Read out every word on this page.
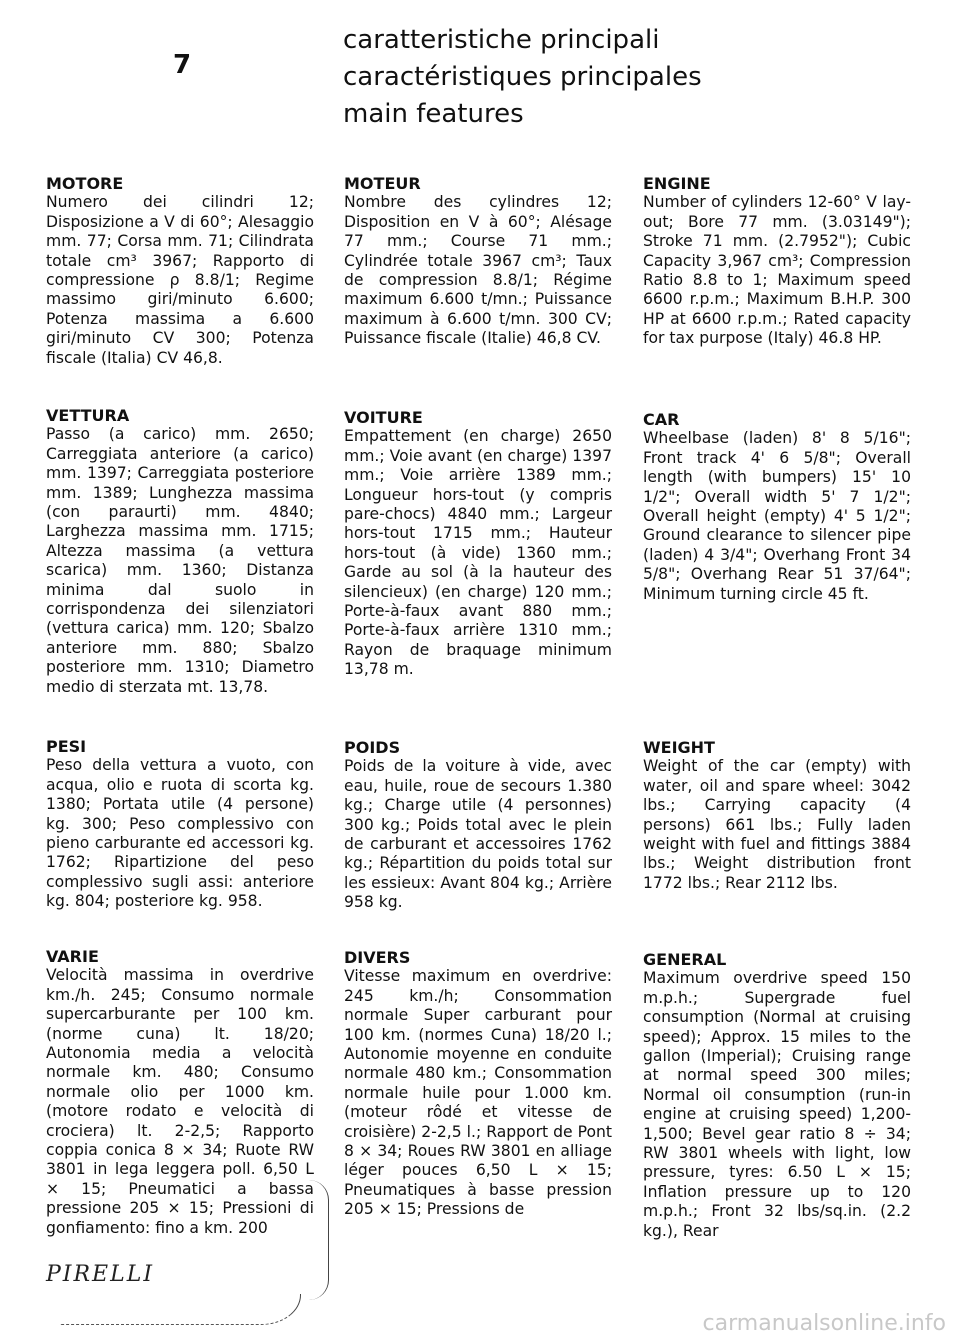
7
caratteristiche principali
caractéristiques principales
main features
MOTORE
Numero dei cilindri 12; Disposizione a V di 60°; Alesaggio mm. 77; Corsa mm. 71; Cilindrata totale cm³ 3967; Rapporto di compressione ρ 8.8/1; Regime massimo giri/minuto 6.600; Potenza massima a 6.600 giri/minuto CV 300; Potenza fiscale (Italia) CV 46,8.
VETTURA
Passo (a carico) mm. 2650; Carreggiata anteriore (a carico) mm. 1397; Carreggiata posteriore mm. 1389; Lunghezza massima (con paraurti) mm. 4840; Larghezza massima mm. 1715; Altezza massima (a vettura scarica) mm. 1360; Distanza minima dal suolo in corrispondenza dei silenziatori (vettura carica) mm. 120; Sbalzo anteriore mm. 880; Sbalzo posteriore mm. 1310; Diametro medio di sterzata mt. 13,78.
PESI
Peso della vettura a vuoto, con acqua, olio e ruota di scorta kg. 1380; Portata utile (4 persone) kg. 300; Peso complessivo con pieno carburante ed accessori kg. 1762; Ripartizione del peso complessivo sugli assi: anteriore kg. 804; posteriore kg. 958.
VARIE
Velocità massima in overdrive km./h. 245; Consumo normale supercarburante per 100 km. (norme cuna) lt. 18/20; Autonomia media a velocità normale km. 480; Consumo normale olio per 1000 km. (motore rodato e velocità di crociera) lt. 2-2,5; Rapporto coppia conica 8 × 34; Ruote RW 3801 in lega leggera poll. 6,50 L × 15; Pneumatici a bassa pressione 205 × 15; Pressioni di gonfiamento: fino a km. 200
MOTEUR
Nombre des cylindres 12; Disposition en V à 60°; Alésage 77 mm.; Course 71 mm.; Cylindrée totale 3967 cm³; Taux de compression 8.8/1; Régime maximum 6.600 t/mn.; Puissance maximum à 6.600 t/mn. 300 CV; Puissance fiscale (Italie) 46,8 CV.
VOITURE
Empattement (en charge) 2650 mm.; Voie avant (en charge) 1397 mm.; Voie arrière 1389 mm.; Longueur hors-tout (y compris pare-chocs) 4840 mm.; Largeur hors-tout 1715 mm.; Hauteur hors-tout (à vide) 1360 mm.; Garde au sol (à la hauteur des silencieux) (en charge) 120 mm.; Porte-à-faux avant 880 mm.; Porte-à-faux arrière 1310 mm.; Rayon de braquage minimum 13,78 m.
POIDS
Poids de la voiture à vide, avec eau, huile, roue de secours 1.380 kg.; Charge utile (4 personnes) 300 kg.; Poids total avec le plein de carburant et accessoires 1762 kg.; Répartition du poids total sur les essieux: Avant 804 kg.; Arrière 958 kg.
DIVERS
Vitesse maximum en overdrive: 245 km./h; Consommation normale Super carburant pour 100 km. (normes Cuna) 18/20 l.; Autonomie moyenne en conduite normale 480 km.; Consommation normale huile pour 1.000 km. (moteur rôdé et vitesse de croisière) 2-2,5 l.; Rapport de Pont 8 × 34; Roues RW 3801 en alliage léger pouces 6,50 L × 15; Pneumatiques à basse pression 205 × 15; Pressions de
ENGINE
Number of cylinders 12-60° V lay-out; Bore 77 mm. (3.03149"); Stroke 71 mm. (2.7952"); Cubic Capacity 3,967 cm³; Compression Ratio 8.8 to 1; Maximum speed 6600 r.p.m.; Maximum B.H.P. 300 HP at 6600 r.p.m.; Rated capacity for tax purpose (Italy) 46.8 HP.
CAR
Wheelbase (laden) 8' 8 5/16"; Front track 4' 6 5/8"; Overall length (with bumpers) 15' 10 1/2"; Overall width 5' 7 1/2"; Overall height (empty) 4' 5 1/2"; Ground clearance to silencer pipe (laden) 4 3/4"; Overhang Front 34 5/8"; Overhang Rear 51 37/64"; Minimum turning circle 45 ft.
WEIGHT
Weight of the car (empty) with water, oil and spare wheel: 3042 lbs.; Carrying capacity (4 persons) 661 lbs.; Fully laden weight with fuel and fittings 3884 lbs.; Weight distribution front 1772 lbs.; Rear 2112 lbs.
GENERAL
Maximum overdrive speed 150 m.p.h.; Supergrade fuel consumption (Normal at cruising speed); Approx. 15 miles to the gallon (Imperial); Cruising range at normal speed 300 miles; Normal oil consumption (run-in engine at cruising speed) 1,200-1,500; Bevel gear ratio 8 ÷ 34; RW 3801 wheels with light, low pressure, tyres: 6.50 L × 15; Inflation pressure up to 120 m.p.h.; Front 32 lbs/sq.in. (2.2 kg.), Rear
PIRELLI
carmanualsonline.info
